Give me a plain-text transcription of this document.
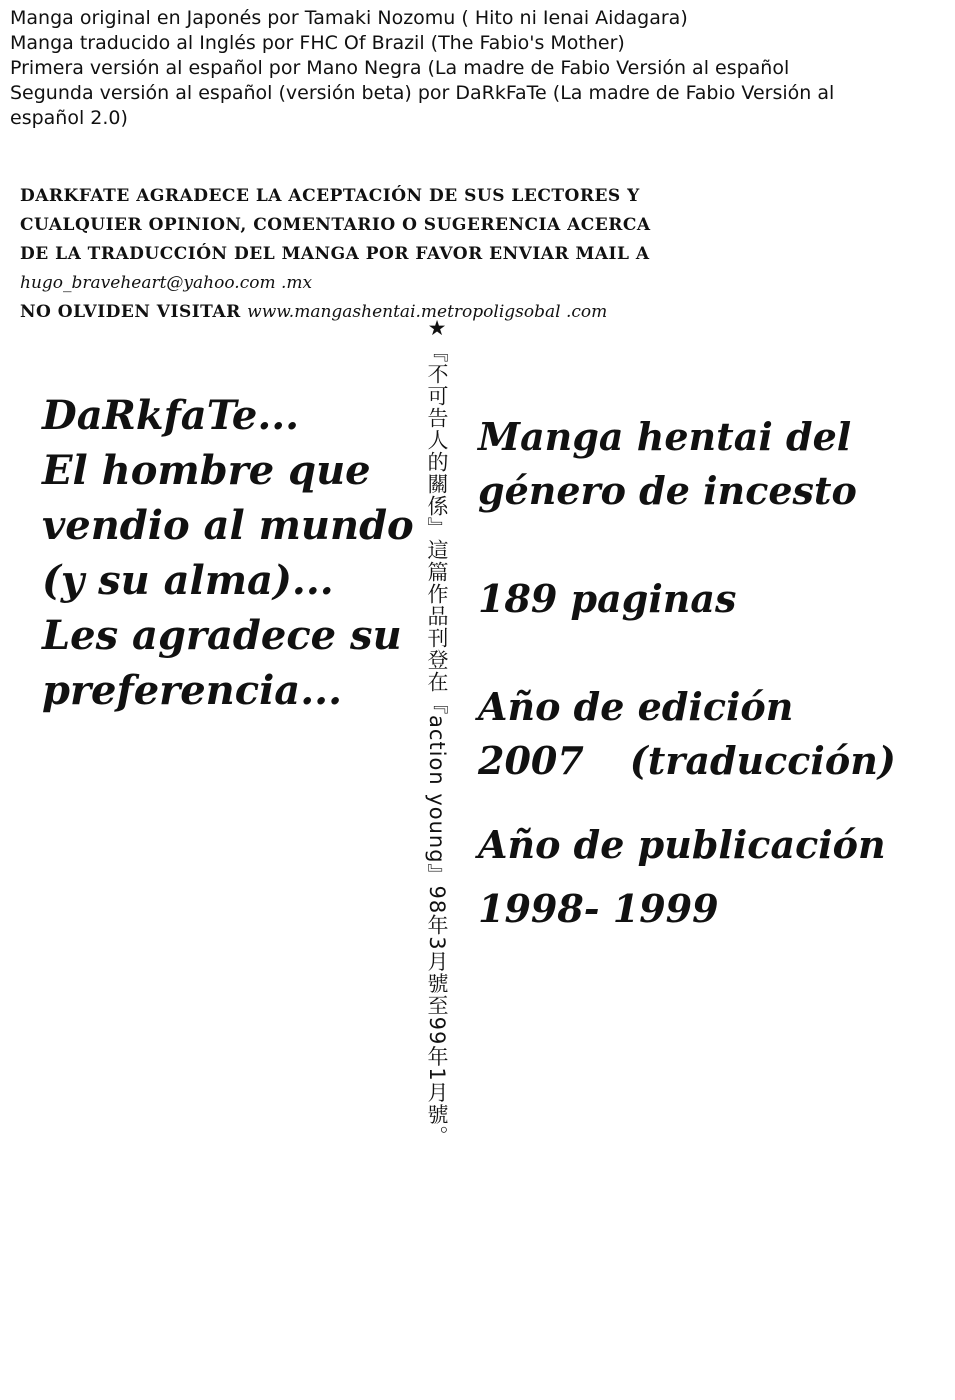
Manga original en Japonés por Tamaki Nozomu ( Hito ni Ienai Aidagara)
Manga traducido al Inglés por FHC Of Brazil (The Fabio's Mother)
Primera versión al español por Mano Negra (La madre de Fabio Versión al español
Segunda versión al español (versión beta) por DaRkFaTe (La madre de Fabio Versión al español 2.0)
DARKFATE AGRADECE LA ACEPTACIÓN DE SUS LECTORES Y
CUALQUIER OPINION, COMENTARIO O SUGERENCIA ACERCA
DE LA TRADUCCIÓN DEL MANGA POR FAVOR ENVIAR MAIL A
hugo_braveheart@yahoo.com .mx
NO OLVIDEN VISITAR www.mangashentai.metropoligsobal .com
★『不可告人的關係』這篇作品刊登在『action young』98年3月號至99年1月號。
DaRkfaTe...
El hombre que
vendio al mundo
(y su alma)...
Les agradece su
preferencia...
Manga hentai del
género de incesto
189 paginas
Año de edición
2007 (traducción)
Año de publicación
1998- 1999
